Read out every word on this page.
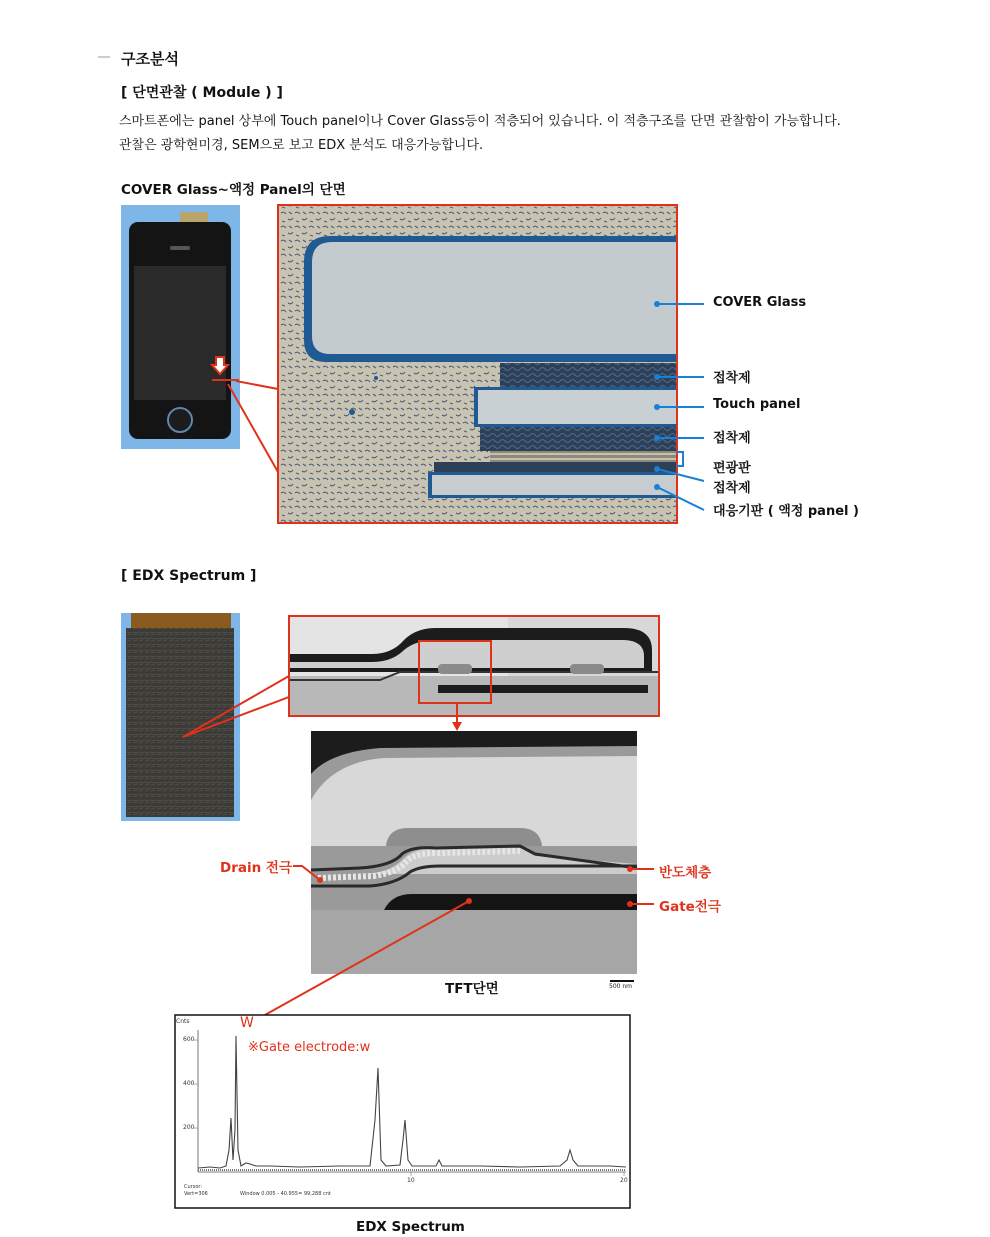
구조분석
[ 단면관찰 ( Module ) ]
스마트폰에는 panel 상부에 Touch panel이나 Cover Glass등이 적층되어 있습니다. 이 적층구조를 단면 관찰함이 가능합니다.
관찰은 광학현미경, SEM으로 보고 EDX 분석도 대응가능합니다.
COVER Glass~액정 Panel의 단면
COVER Glass
접착제
Touch panel
접착제
편광판
접착제
대응기판 ( 액정 panel )
[ EDX Spectrum ]
Drain 전극	반도체층
Gate전극
TFT단면	500 nm
W
※Gate electrode:w
Cnts
600
400
200
10	20
Cursor:
Vert=306	Window 0.005 - 40.955= 99,288 cnt
EDX Spectrum
